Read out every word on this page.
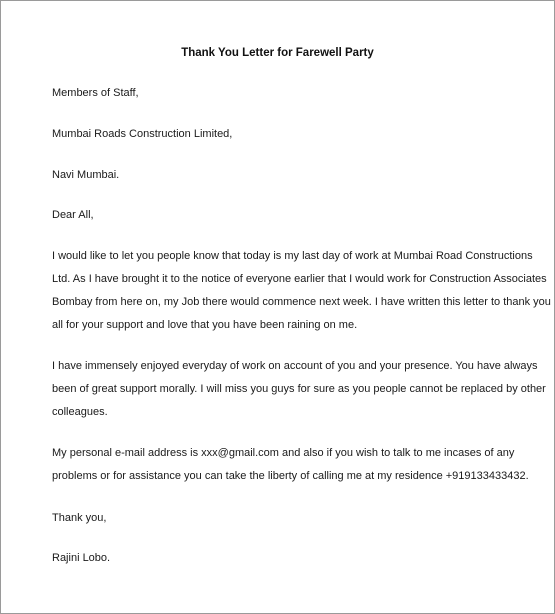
Thank You Letter for Farewell Party
Members of Staff,
Mumbai Roads Construction Limited,
Navi Mumbai.
Dear All,
I would like to let you people know that today is my last day of work at Mumbai Road Constructions
Ltd. As I have brought it to the notice of everyone earlier that I would work for Construction Associates
Bombay from here on, my Job there would commence next week. I have written this letter to thank you
all for your support and love that you have been raining on me.
I have immensely enjoyed everyday of work on account of you and your presence. You have always
been of great support morally. I will miss you guys for sure as you people cannot be replaced by other
colleagues.
My personal e-mail address is xxx@gmail.com and also if you wish to talk to me incases of any
problems or for assistance you can take the liberty of calling me at my residence +919133433432.
Thank you,
Rajini Lobo.
